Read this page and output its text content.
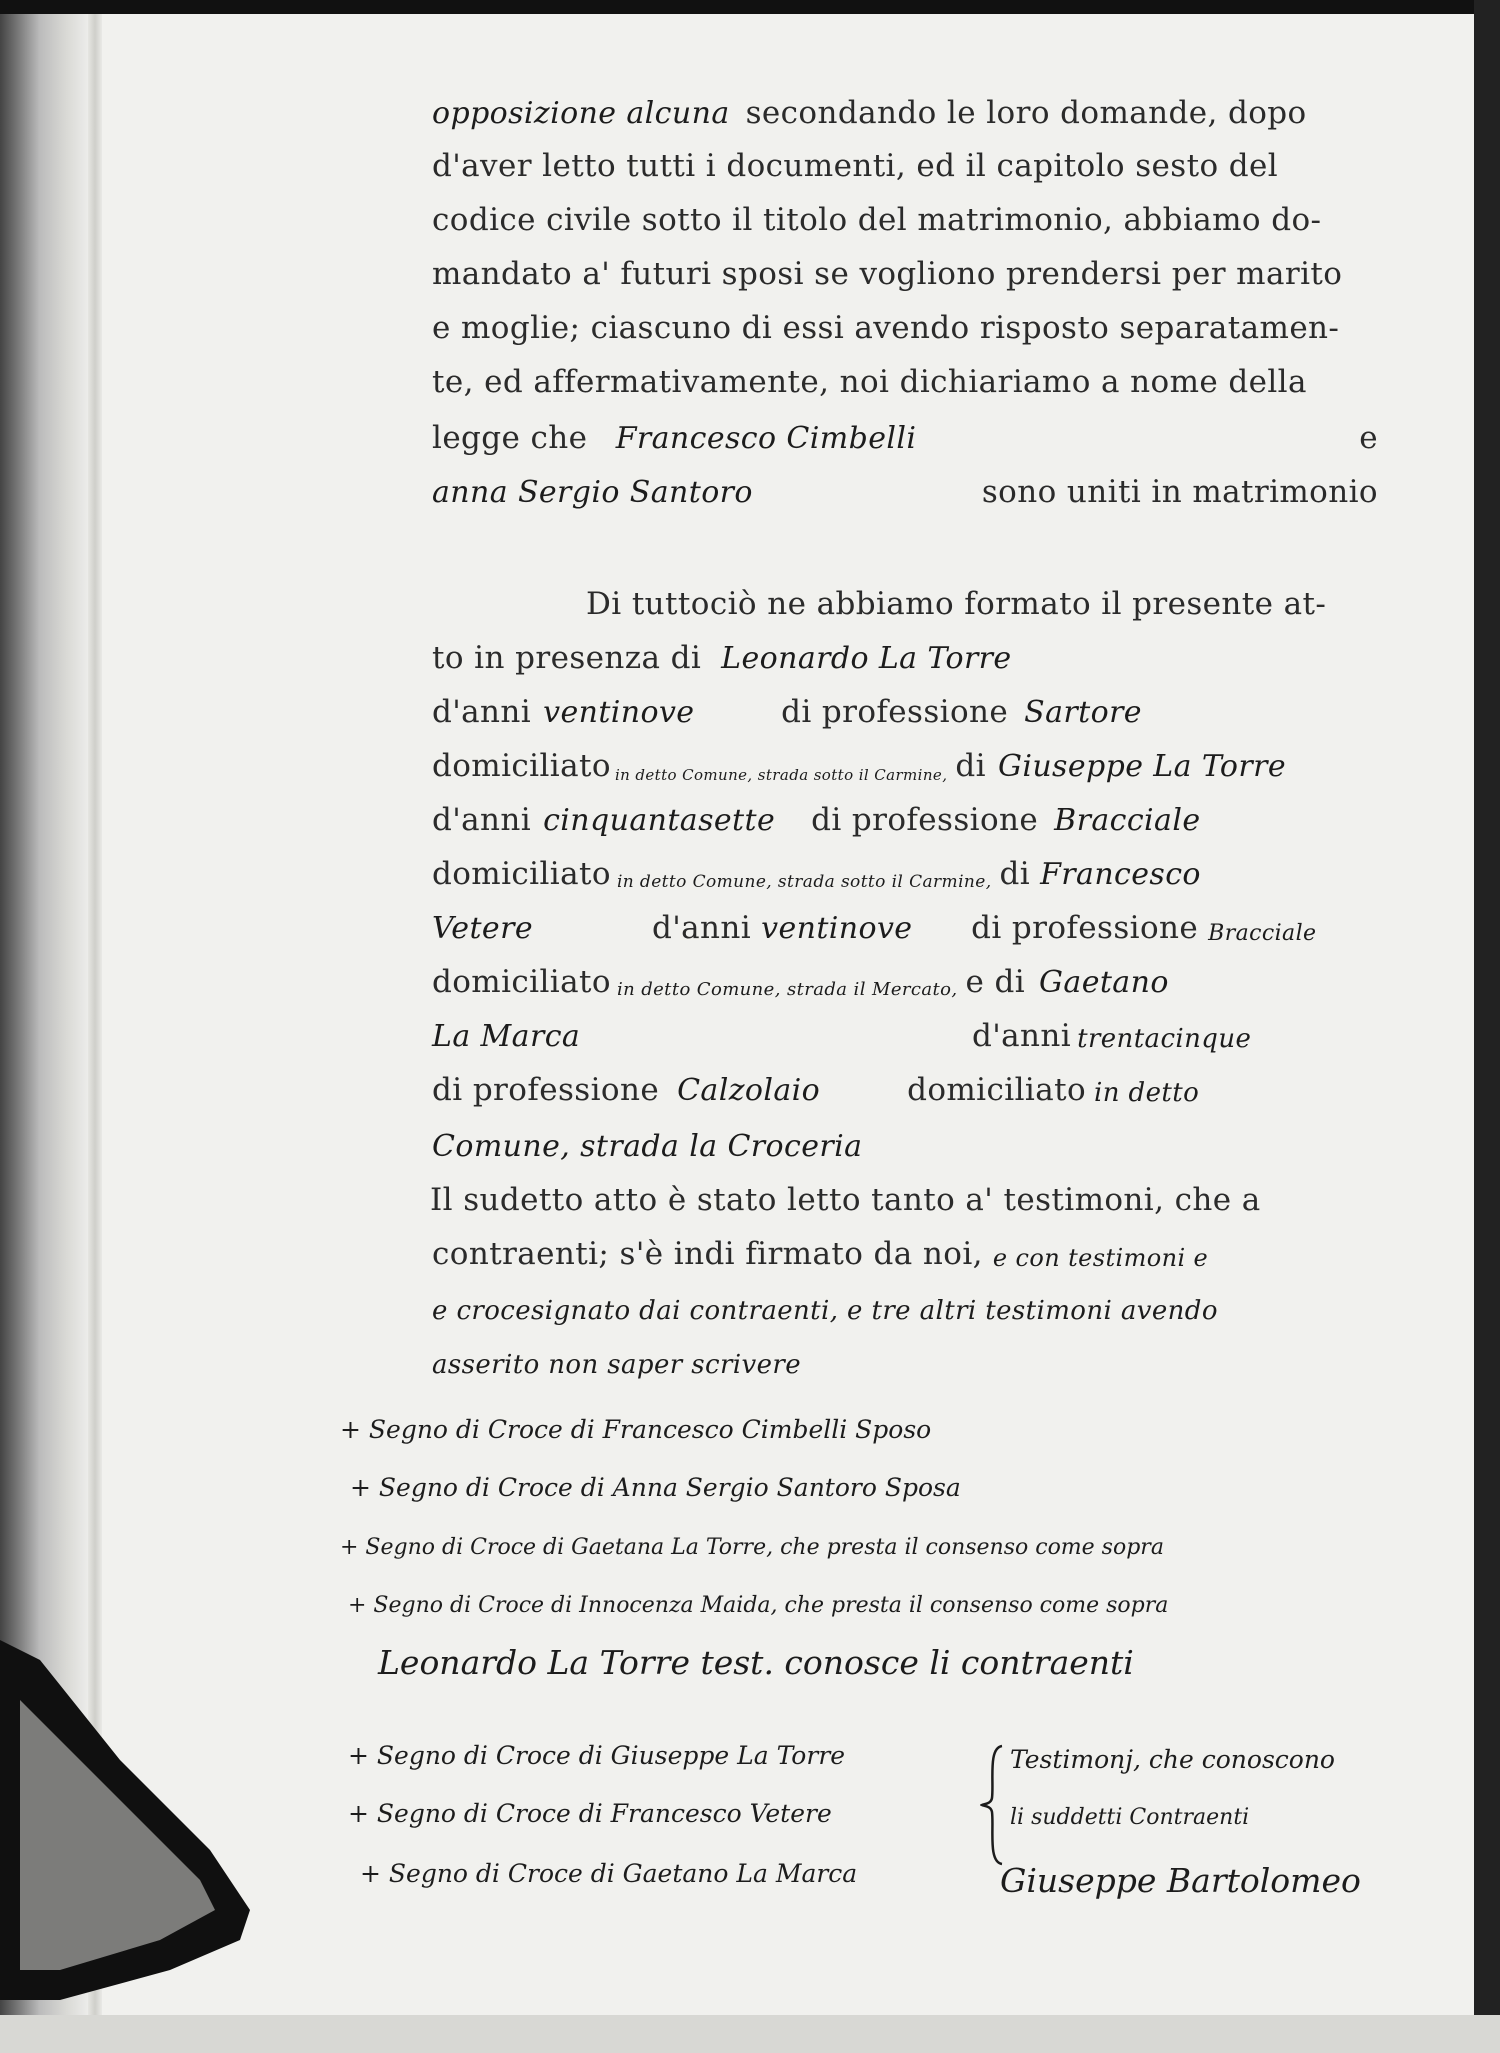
opposizione alcuna secondando le loro domande, dopo
d'aver letto tutti i documenti, ed il capitolo sesto del
codice civile sotto il titolo del matrimonio, abbiamo do-
mandato a' futuri sposi se vogliono prendersi per marito
e moglie; ciascuno di essi avendo risposto separatamen-
te, ed affermativamente, noi dichiariamo a nome della
legge che Francesco Cimbelli	e
anna Sergio Santoro	sono uniti in matrimonio
Di tuttociò ne abbiamo formato il presente at-
to in presenza di Leonardo La Torre
d'anni ventinove	di professione Sartore
domiciliato in detto Comune, strada sotto il Carmine, di Giuseppe La Torre
d'anni cinquantasette	di professione Bracciale
domiciliato in detto Comune, strada sotto il Carmine, di Francesco
Vetere	d'anni ventinove	di professione Bracciale
domiciliato in detto Comune, strada il Mercato, e di Gaetano
La Marca	d'anni trentacinque
di professione Calzolaio	domiciliato in detto
Comune, strada la Croceria
Il sudetto atto è stato letto tanto a' testimoni, che a
contraenti; s'è indi firmato da noi, e con testimoni e
e crocesignato dai contraenti, e tre altri testimoni avendo
asserito non saper scrivere
+ Segno di Croce di Francesco Cimbelli Sposo
+ Segno di Croce di Anna Sergio Santoro Sposa
+ Segno di Croce di Gaetana La Torre, che presta il consenso come sopra
+ Segno di Croce di Innocenza Maida, che presta il consenso come sopra
Leonardo La Torre test. conosce li contraenti
+ Segno di Croce di Giuseppe La Torre
+ Segno di Croce di Francesco Vetere
+ Segno di Croce di Gaetano La Marca
Testimonj, che conoscono
li suddetti Contraenti
Giuseppe Bartolomeo
